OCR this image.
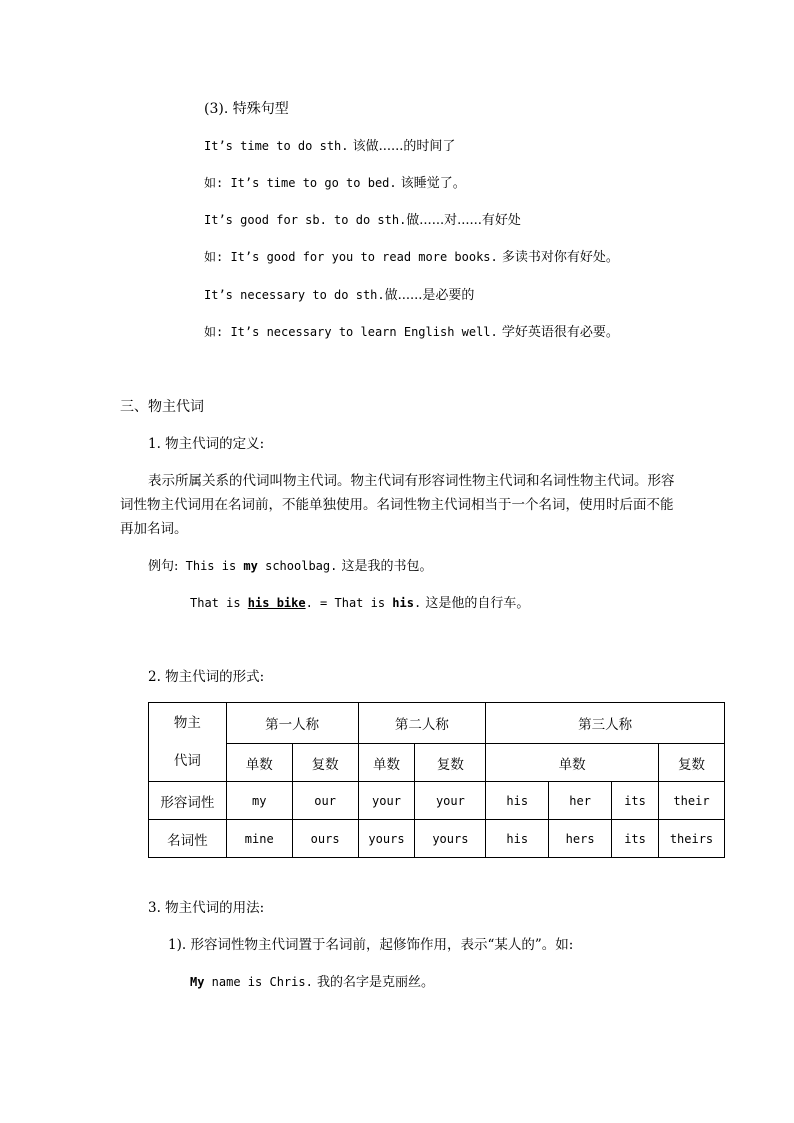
(3). 特殊句型
It’s time to do sth. 该做......的时间了
如: It’s time to go to bed. 该睡觉了。
It’s good for sb. to do sth.做......对......有好处
如: It’s good for you to read more books. 多读书对你有好处。
It’s necessary to do sth.做......是必要的
如: It’s necessary to learn English well. 学好英语很有必要。
三、物主代词
1. 物主代词的定义:
表示所属关系的代词叫物主代词。物主代词有形容词性物主代词和名词性物主代词。形容词性物主代词用在名词前，不能单独使用。名词性物主代词相当于一个名词，使用时后面不能再加名词。
例句: This is my schoolbag. 这是我的书包。
That is his bike. = That is his. 这是他的自行车。
2. 物主代词的形式:
物主
代词	第一人称		第二人称		第三人称			
	单数	复数	单数	复数	单数			复数
形容词性	my	our	your	your	his	her	its	their
名词性	mine	ours	yours	yours	his	hers	its	theirs
3. 物主代词的用法:
1). 形容词性物主代词置于名词前，起修饰作用，表示“某人的”。如:
My name is Chris. 我的名字是克丽丝。
